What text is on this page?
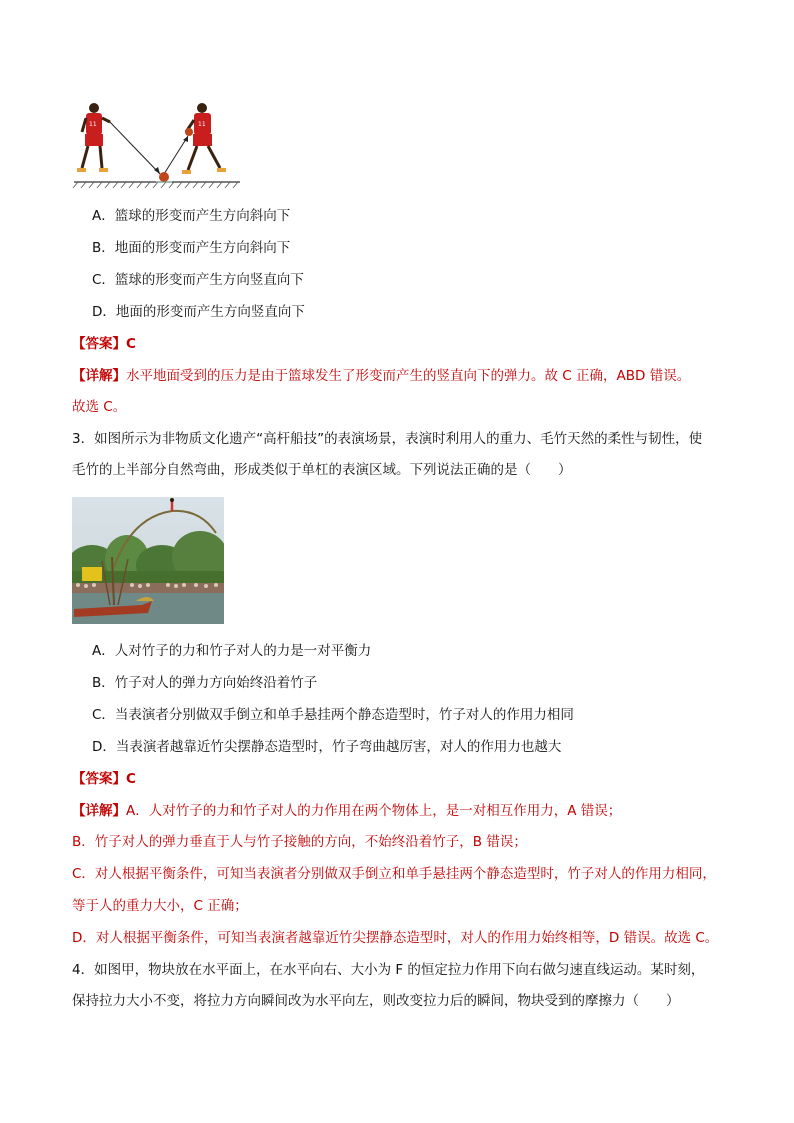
11	11
A．篮球的形变而产生方向斜向下
B．地面的形变而产生方向斜向下
C．篮球的形变而产生方向竖直向下
D．地面的形变而产生方向竖直向下
【答案】C
【详解】水平地面受到的压力是由于篮球发生了形变而产生的竖直向下的弹力。故 C 正确，ABD 错误。
故选 C。
3．如图所示为非物质文化遗产“高杆船技”的表演场景，表演时利用人的重力、毛竹天然的柔性与韧性，使
毛竹的上半部分自然弯曲，形成类似于单杠的表演区域。下列说法正确的是（　　）
A．人对竹子的力和竹子对人的力是一对平衡力
B．竹子对人的弹力方向始终沿着竹子
C．当表演者分别做双手倒立和单手悬挂两个静态造型时，竹子对人的作用力相同
D．当表演者越靠近竹尖摆静态造型时，竹子弯曲越厉害，对人的作用力也越大
【答案】C
【详解】A．人对竹子的力和竹子对人的力作用在两个物体上，是一对相互作用力，A 错误；
B．竹子对人的弹力垂直于人与竹子接触的方向，不始终沿着竹子，B 错误；
C．对人根据平衡条件，可知当表演者分别做双手倒立和单手悬挂两个静态造型时，竹子对人的作用力相同，
等于人的重力大小，C 正确；
D．对人根据平衡条件，可知当表演者越靠近竹尖摆静态造型时，对人的作用力始终相等，D 错误。故选 C。
4．如图甲，物块放在水平面上，在水平向右、大小为 F 的恒定拉力作用下向右做匀速直线运动。某时刻，
保持拉力大小不变，将拉力方向瞬间改为水平向左，则改变拉力后的瞬间，物块受到的摩擦力（　　）
